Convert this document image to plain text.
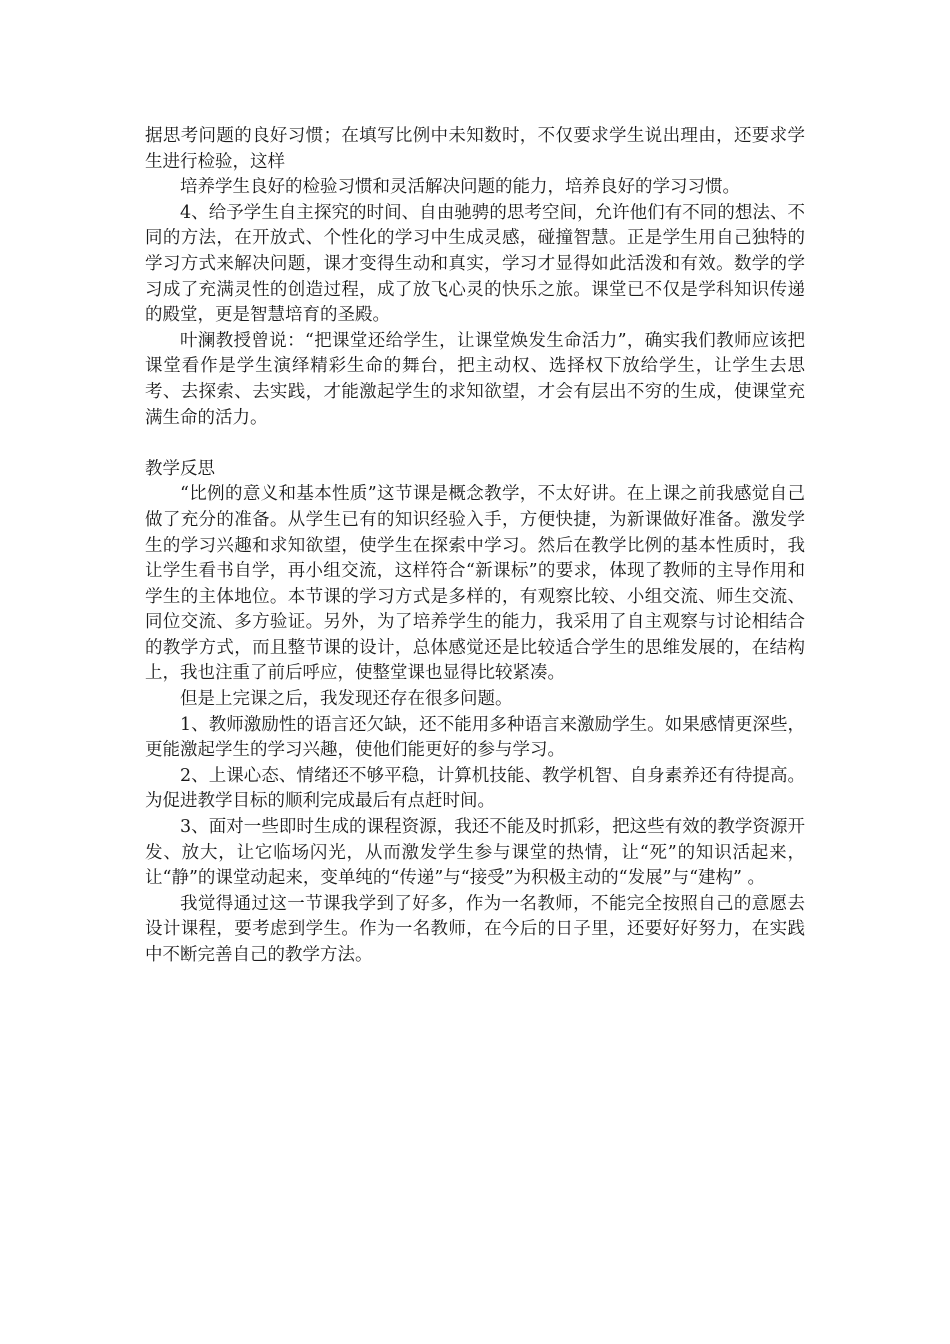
据思考问题的良好习惯；在填写比例中未知数时，不仅要求学生说出理由，还要求学生进行检验，这样

培养学生良好的检验习惯和灵活解决问题的能力，培养良好的学习习惯。

4、给予学生自主探究的时间、自由驰骋的思考空间，允许他们有不同的想法、不同的方法，在开放式、个性化的学习中生成灵感，碰撞智慧。正是学生用自己独特的学习方式来解决问题，课才变得生动和真实，学习才显得如此活泼和有效。数学的学习成了充满灵性的创造过程，成了放飞心灵的快乐之旅。课堂已不仅是学科知识传递的殿堂，更是智慧培育的圣殿。

叶澜教授曾说：“把课堂还给学生，让课堂焕发生命活力”，确实我们教师应该把课堂看作是学生演绎精彩生命的舞台，把主动权、选择权下放给学生，让学生去思考、去探索、去实践，才能激起学生的求知欲望，才会有层出不穷的生成，使课堂充满生命的活力。

教学反思

“比例的意义和基本性质”这节课是概念教学，不太好讲。在上课之前我感觉自己做了充分的准备。从学生已有的知识经验入手，方便快捷，为新课做好准备。激发学生的学习兴趣和求知欲望，使学生在探索中学习。然后在教学比例的基本性质时，我让学生看书自学，再小组交流，这样符合“新课标”的要求，体现了教师的主导作用和学生的主体地位。本节课的学习方式是多样的，有观察比较、小组交流、师生交流、同位交流、多方验证。另外，为了培养学生的能力，我采用了自主观察与讨论相结合的教学方式，而且整节课的设计，总体感觉还是比较适合学生的思维发展的，在结构上，我也注重了前后呼应，使整堂课也显得比较紧凑。

但是上完课之后，我发现还存在很多问题。

1、教师激励性的语言还欠缺，还不能用多种语言来激励学生。如果感情更深些，更能激起学生的学习兴趣，使他们能更好的参与学习。

2、上课心态、情绪还不够平稳，计算机技能、教学机智、自身素养还有待提高。为促进教学目标的顺利完成最后有点赶时间。

3、面对一些即时生成的课程资源，我还不能及时抓彩，把这些有效的教学资源开发、放大，让它临场闪光，从而激发学生参与课堂的热情，让“死”的知识活起来，让“静”的课堂动起来，变单纯的“传递”与“接受”为积极主动的“发展”与“建构” 。

我觉得通过这一节课我学到了好多，作为一名教师，不能完全按照自己的意愿去设计课程，要考虑到学生。作为一名教师，在今后的日子里，还要好好努力，在实践中不断完善自己的教学方法。
